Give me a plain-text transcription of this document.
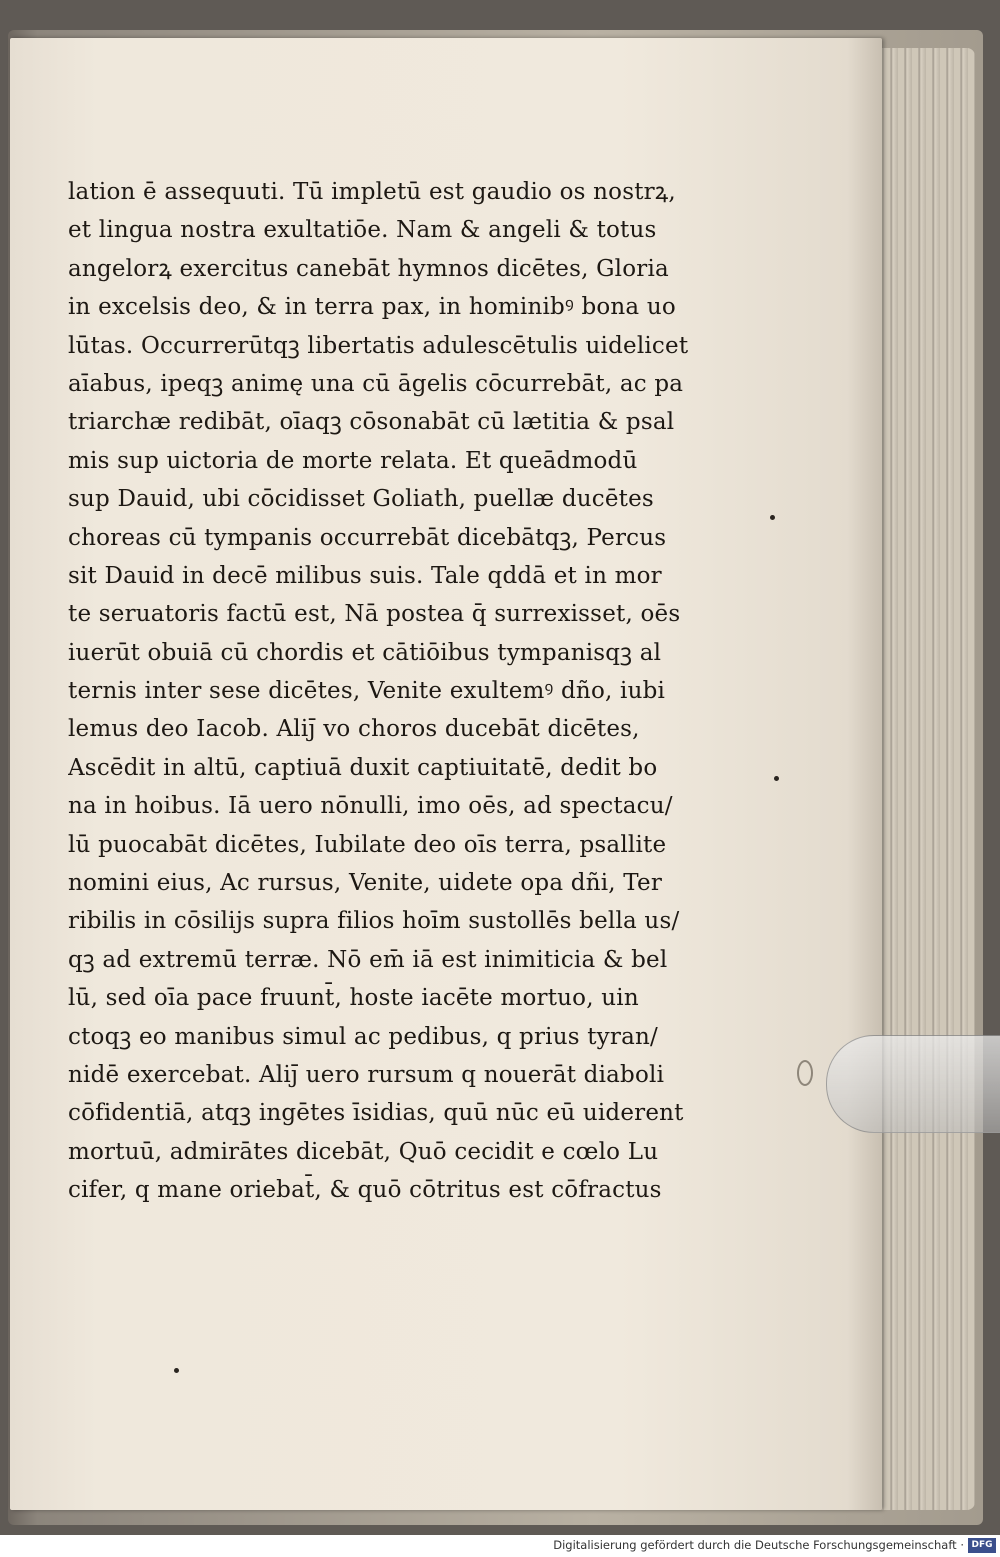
lation ē assequuti. Tū impletū est gaudio os nostrꝝ,
et lingua nostra exultatiōe. Nam & angeli & totus
angelorꝝ exercitus canebāt hymnos dicētes, Gloria
in excelsis deo, & in terra pax, in hominibꝰ bona uo
lūtas. Occurrerūtqꝫ libertatis adulescētulis uidelicet
aīabus, ipeqꝫ animę una cū āgelis cōcurrebāt, ac pa
triarchæ redibāt, oīaqꝫ cōsonabāt cū lætitia & psal
mis sup uictoria de morte relata. Et queādmodū
sup Dauid, ubi cōcidisset Goliath, puellæ ducētes
choreas cū tympanis occurrebāt dicebātqꝫ, Percus
sit Dauid in decē milibus suis. Tale qddā et in mor
te seruatoris factū est, Nā postea q̄ surrexisset, oēs
iuerūt obuiā cū chordis et cātiōibus tympanisqꝫ al
ternis inter sese dicētes, Venite exultemꝰ dño, iubi
lemus deo Iacob. Aliȷ̄ vo choros ducebāt dicētes,
Ascēdit in altū, captiuā duxit captiuitatē, dedit bo
na in hoibus. Iā uero nōnulli, imo oēs, ad spectacu/
lū puocabāt dicētes, Iubilate deo oīs terra, psallite
nomini eius, Ac rursus, Venite, uidete opa dñi, Ter
ribilis in cōsilijs supra filios hoīm sustollēs bella us/
qꝫ ad extremū terræ. Nō em̄ iā est inimiticia & bel
lū, sed oīa pace fruunt̄, hoste iacēte mortuo, uin
ctoqꝫ eo manibus simul ac pedibus, q prius tyran/
nidē exercebat. Aliȷ̄ uero rursum q nouerāt diaboli
cōfidentiā, atqꝫ ingētes īsidias, quū nūc eū uiderent
mortuū, admirātes dicebāt, Quō cecidit e cœlo Lu
cifer, q mane oriebat̄, & quō cōtritus est cōfractus
Digitalisierung gefördert durch die Deutsche Forschungsgemeinschaft · DFG
